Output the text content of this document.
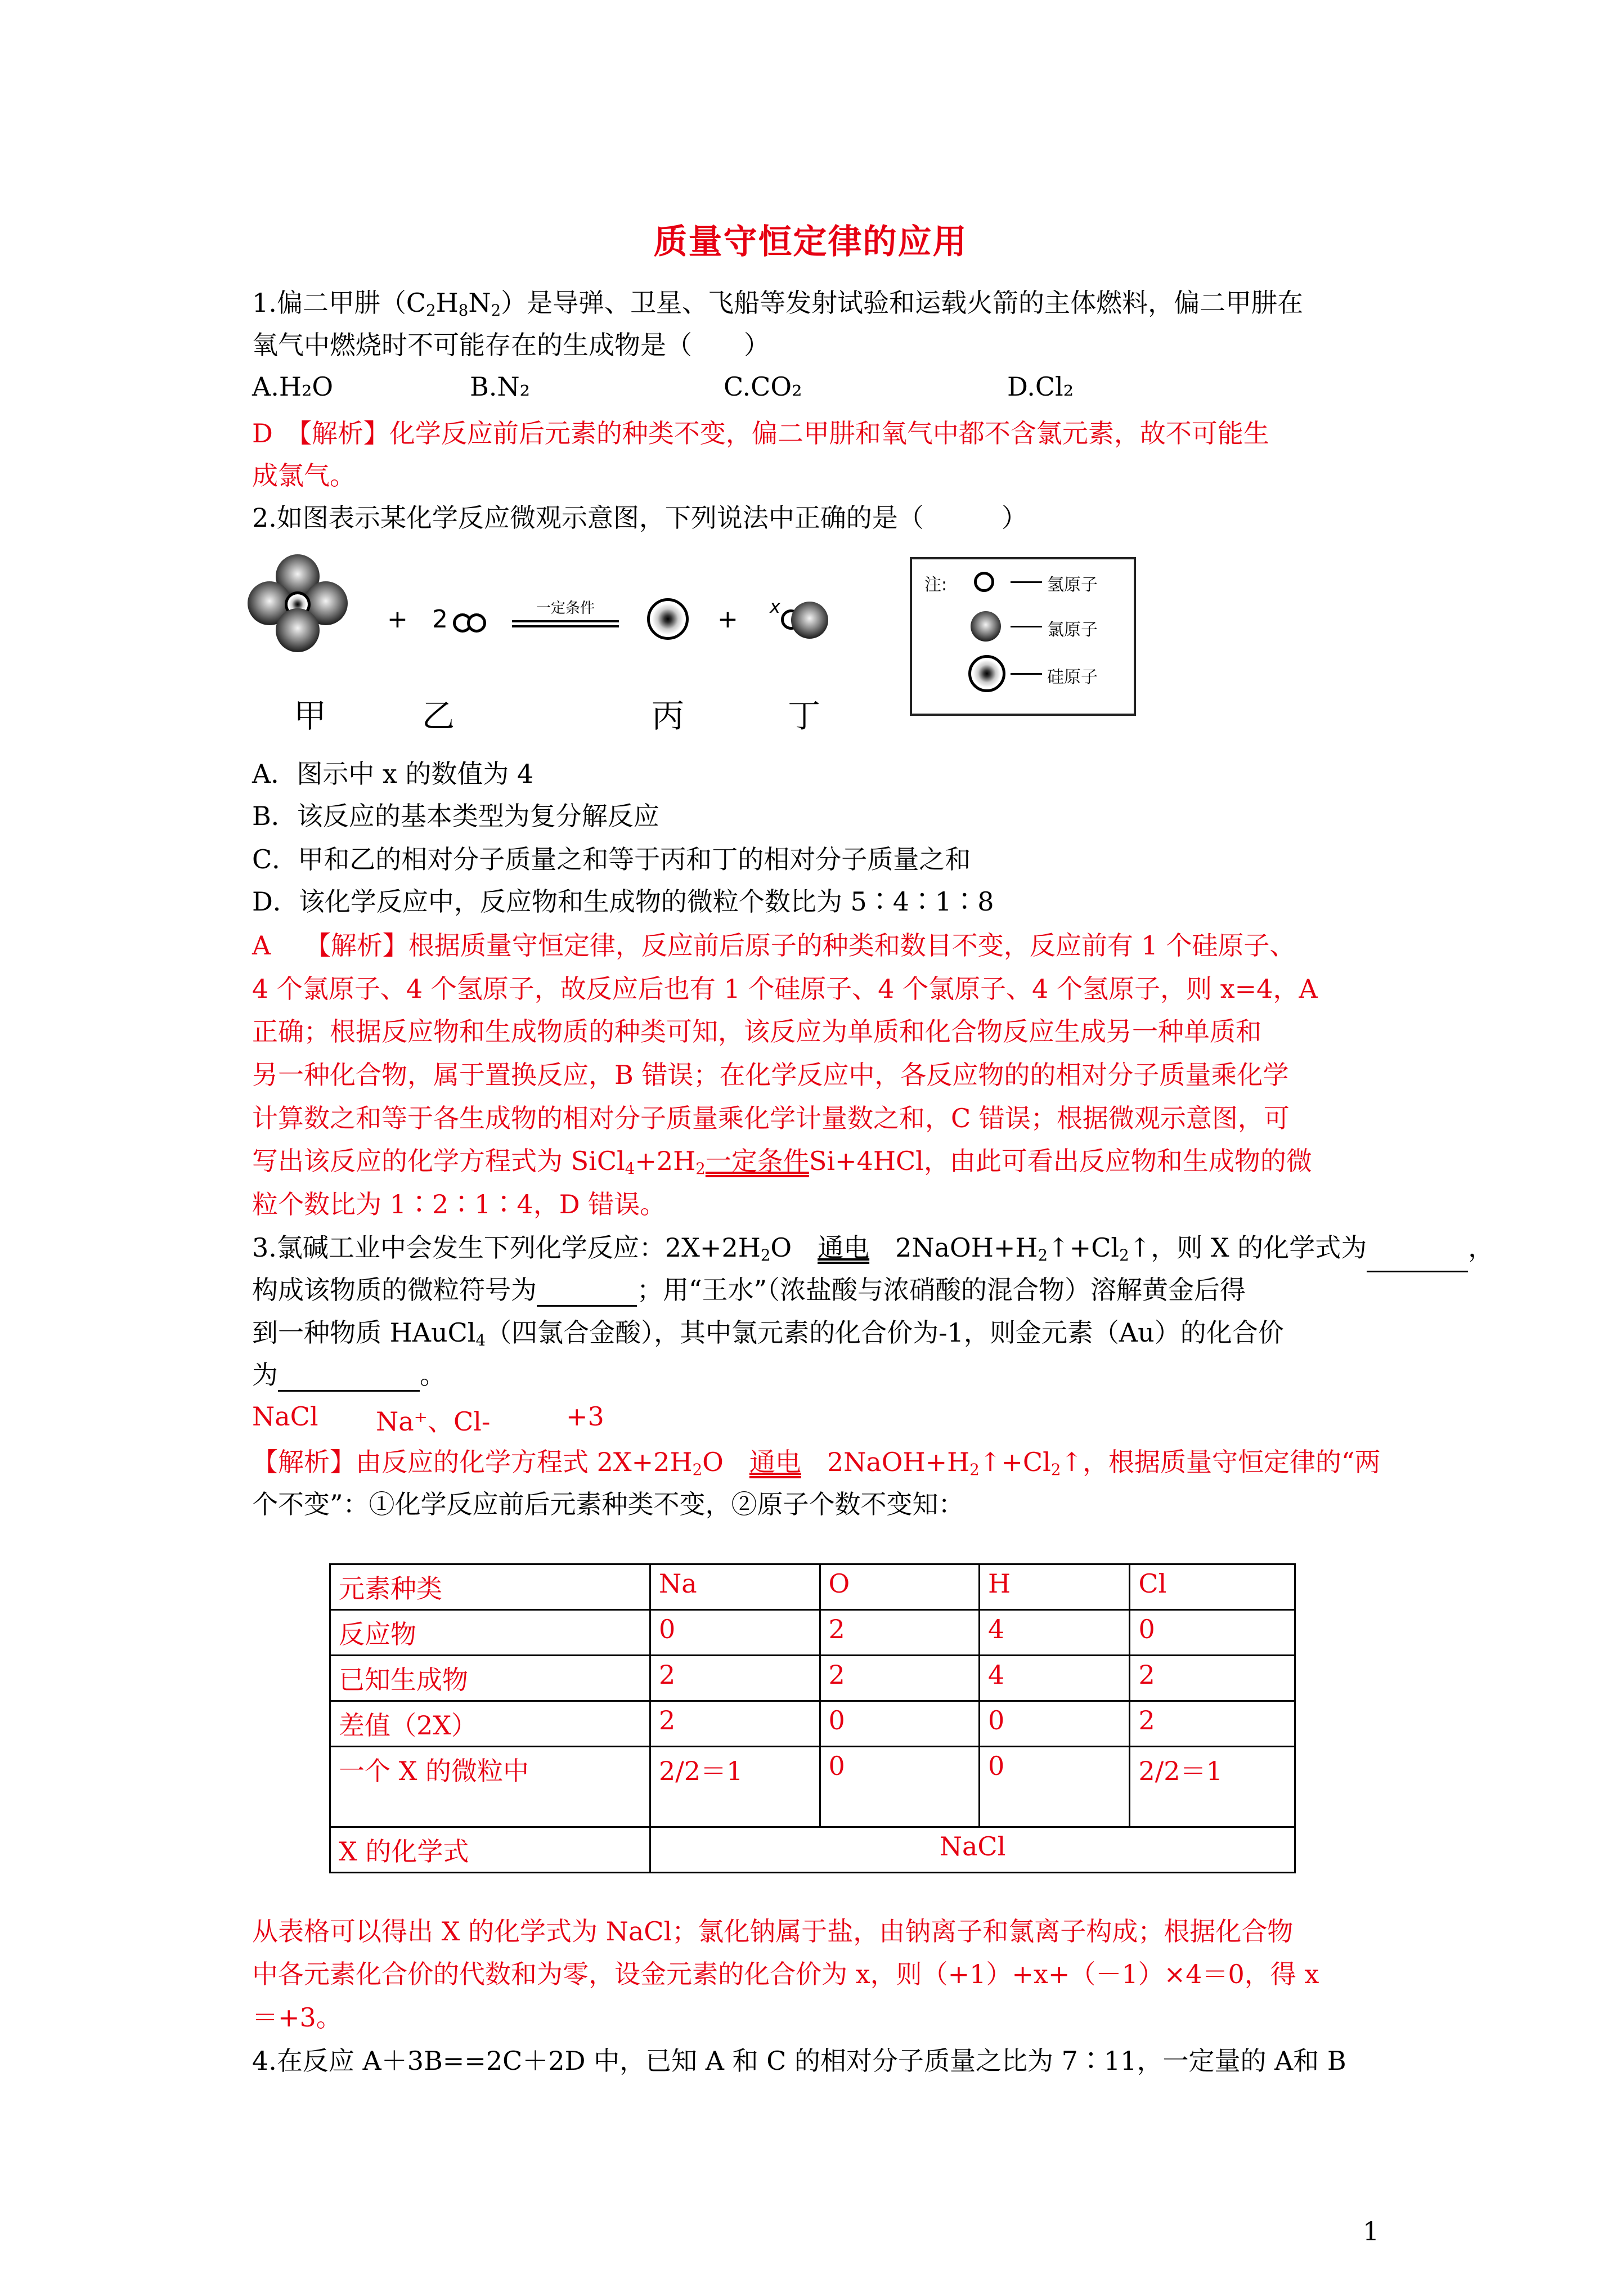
质量守恒定律的应用
1.偏二甲肼$(C_2H_8N_2)$是导弹、卫星、飞船等发射试验和运载火箭的主体燃料，偏二甲肼在
氧气中燃烧时不可能存在的生成物是（　　）
A.H₂O	B.N₂	C.CO₂	D.Cl₂
D　【解析】化学反应前后元素的种类不变，偏二甲肼和氧气中都不含氯元素，故不可能生
成氯气。
2.如图表示某化学反应微观示意图，下列说法中正确的是（　　　）
+ 2	一定条件	+ x
甲	乙	丙	丁
注:	氢原子
氯原子
硅原子
A．图示中 x 的数值为 4
B．该反应的基本类型为复分解反应
C．甲和乙的相对分子质量之和等于丙和丁的相对分子质量之和
D．该化学反应中，反应物和生成物的微粒个数比为 5∶4∶1∶8
A　 【解析】根据质量守恒定律，反应前后原子的种类和数目不变，反应前有 1 个硅原子、
4 个氯原子、4 个氢原子，故反应后也有 1 个硅原子、4 个氯原子、4 个氢原子，则 x=4，A
正确；根据反应物和生成物质的种类可知，该反应为单质和化合物反应生成另一种单质和
另一种化合物，属于置换反应，B 错误；在化学反应中，各反应物的的相对分子质量乘化学
计算数之和等于各生成物的相对分子质量乘化学计量数之和，C 错误；根据微观示意图，可
写出该反应的化学方程式为 $SiCl_4+2H_2$一定条件Si+4HCl，由此可看出反应物和生成物的微
粒个数比为 1∶2∶1∶4，D 错误。
3.氯碱工业中会发生下列化学反应：$2X+2H_2O$　通电　$2NaOH+H_2↑+Cl_2↑$，则 X 的化学式为	，
构成该物质的微粒符号为	；用“王水”（浓盐酸与浓硝酸的混合物）溶解黄金后得
到一种物质 HAuCl$_4$（四氯合金酸），其中氯元素的化合价为-1，则金元素（Au）的化合价
为	。
NaCl Na⁺、Cl-	+3
【解析】由反应的化学方程式 $2X+2H_2O$　通电　$2NaOH+H_2↑+Cl_2↑$，根据质量守恒定律的“两
个不变”：①化学反应前后元素种类不变，②原子个数不变知：
元素种类	Na	O	H	Cl
反应物	0	2	4	0
已知生成物	2	2	4	2
差值（2X）	2	0	0	2
一个 X 的微粒中	2/2＝1	0	0	2/2＝1
X 的化学式	NaCl			
从表格可以得出 X 的化学式为 NaCl；氯化钠属于盐，由钠离子和氯离子构成；根据化合物
中各元素化合价的代数和为零，设金元素的化合价为 x，则（+1）+x+（－1）×4＝0，得 x
＝+3。
4.在反应 A＋3B==2C＋2D 中，已知 A 和 C 的相对分子质量之比为 7∶11，一定量的 A和 B
1
